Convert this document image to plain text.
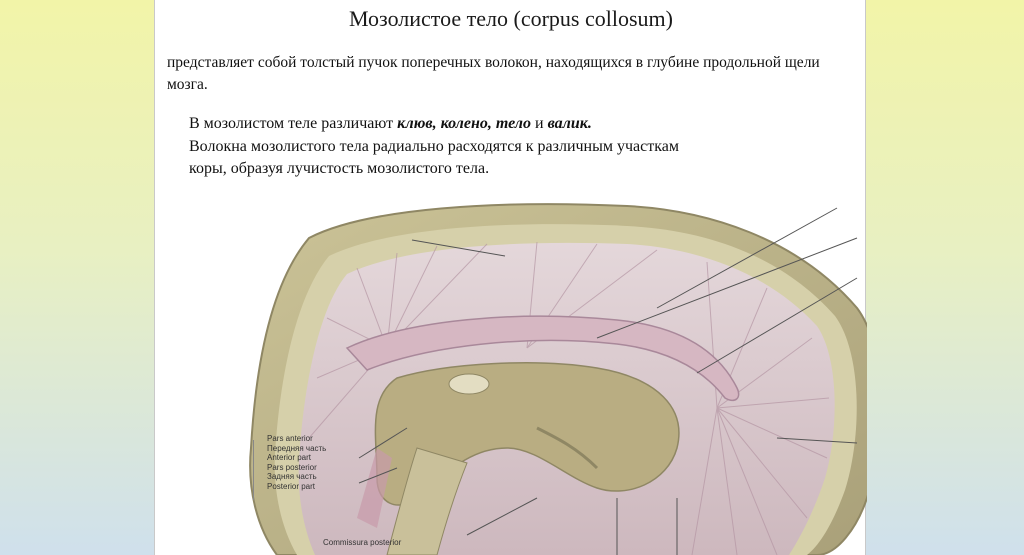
Мозолистое тело (corpus collosum)
представляет собой толстый пучок поперечных волокон, находящихся в глубине продольной щели мозга.
В мозолистом теле различают клюв, колено, тело и валик.
Волокна мозолистого тела радиально расходятся к различным участкам
коры, образуя лучистость мозолистого тела.
Pars anterior
Передняя часть
Anterior part
Pars posterior
Задняя часть
Posterior part
Commissura posterior
